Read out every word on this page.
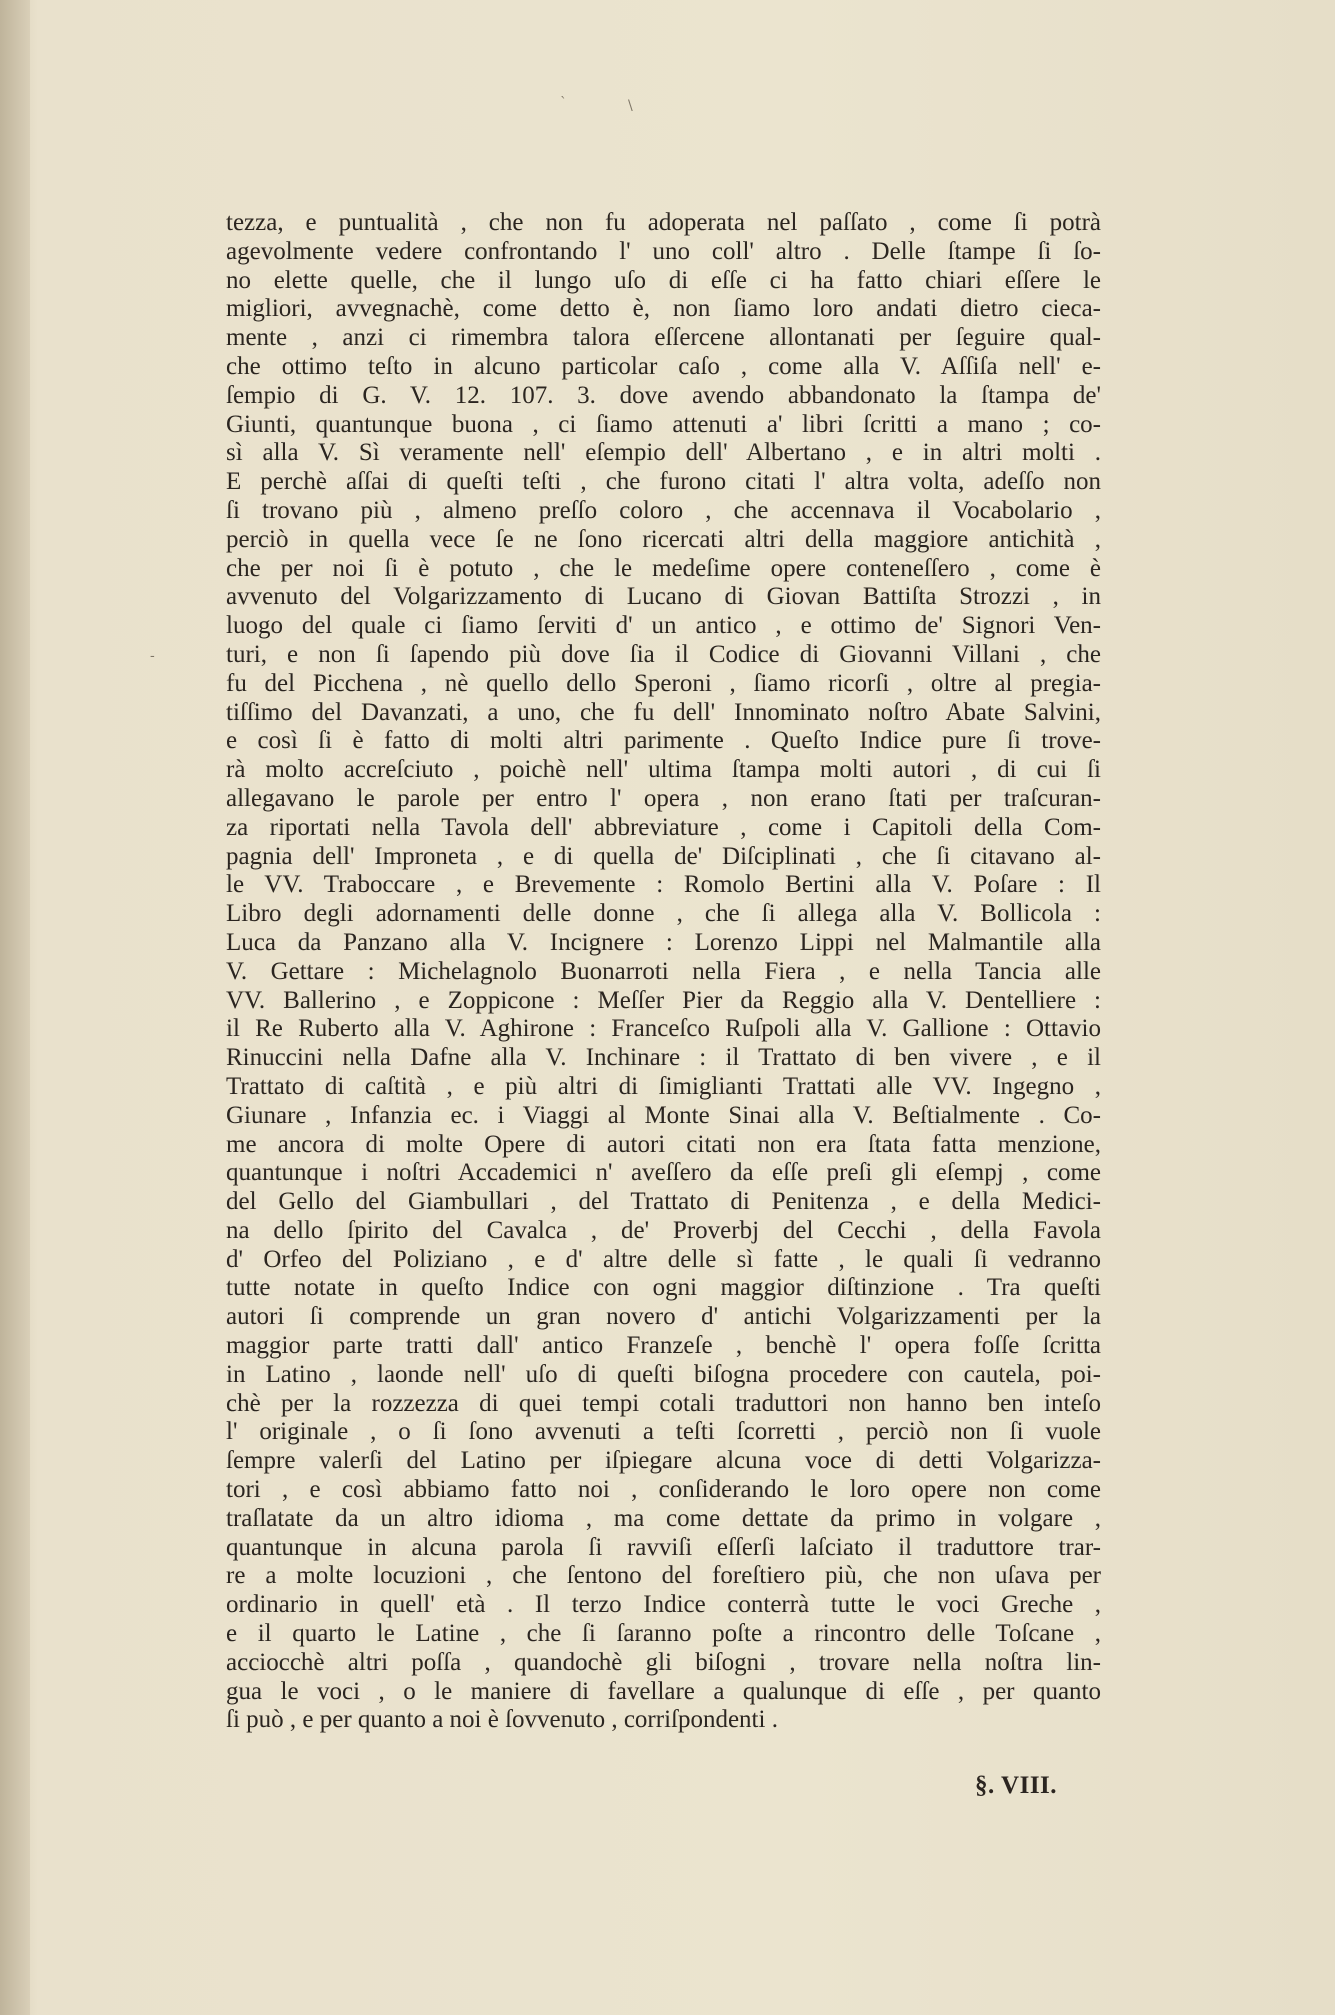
`	\
-
tezza, e puntualità , che non fu adoperata nel paſſato , come ſi potrà
agevolmente vedere confrontando l' uno coll' altro . Delle ſtampe ſi ſo-
no elette quelle, che il lungo uſo di eſſe ci ha fatto chiari eſſere le
migliori, avvegnachè, come detto è, non ſiamo loro andati dietro cieca-
mente , anzi ci rimembra talora eſſercene allontanati per ſeguire qual-
che ottimo teſto in alcuno particolar caſo , come alla V. Aſſiſa nell' e-
ſempio di G. V. 12. 107. 3. dove avendo abbandonato la ſtampa de'
Giunti, quantunque buona , ci ſiamo attenuti a' libri ſcritti a mano ; co-
sì alla V. Sì veramente nell' eſempio dell' Albertano , e in altri molti .
E perchè aſſai di queſti teſti , che furono citati l' altra volta, adeſſo non
ſi trovano più , almeno preſſo coloro , che accennava il Vocabolario ,
perciò in quella vece ſe ne ſono ricercati altri della maggiore antichità ,
che per noi ſi è potuto , che le medeſime opere conteneſſero , come è
avvenuto del Volgarizzamento di Lucano di Giovan Battiſta Strozzi , in
luogo del quale ci ſiamo ſerviti d' un antico , e ottimo de' Signori Ven-
turi, e non ſi ſapendo più dove ſia il Codice di Giovanni Villani , che
fu del Picchena , nè quello dello Speroni , ſiamo ricorſi , oltre al pregia-
tiſſimo del Davanzati, a uno, che fu dell' Innominato noſtro Abate Salvini,
e così ſi è fatto di molti altri parimente . Queſto Indice pure ſi trove-
rà molto accreſciuto , poichè nell' ultima ſtampa molti autori , di cui ſi
allegavano le parole per entro l' opera , non erano ſtati per traſcuran-
za riportati nella Tavola dell' abbreviature , come i Capitoli della Com-
pagnia dell' Improneta , e di quella de' Diſciplinati , che ſi citavano al-
le VV. Traboccare , e Brevemente : Romolo Bertini alla V. Poſare : Il
Libro degli adornamenti delle donne , che ſi allega alla V. Bollicola :
Luca da Panzano alla V. Incignere : Lorenzo Lippi nel Malmantile alla
V. Gettare : Michelagnolo Buonarroti nella Fiera , e nella Tancia alle
VV. Ballerino , e Zoppicone : Meſſer Pier da Reggio alla V. Dentelliere :
il Re Ruberto alla V. Aghirone : Franceſco Ruſpoli alla V. Gallione : Ottavio
Rinuccini nella Dafne alla V. Inchinare : il Trattato di ben vivere , e il
Trattato di caſtità , e più altri di ſimiglianti Trattati alle VV. Ingegno ,
Giunare , Infanzia ec. i Viaggi al Monte Sinai alla V. Beſtialmente . Co-
me ancora di molte Opere di autori citati non era ſtata fatta menzione,
quantunque i noſtri Accademici n' aveſſero da eſſe preſi gli eſempj , come
del Gello del Giambullari , del Trattato di Penitenza , e della Medici-
na dello ſpirito del Cavalca , de' Proverbj del Cecchi , della Favola
d' Orfeo del Poliziano , e d' altre delle sì fatte , le quali ſi vedranno
tutte notate in queſto Indice con ogni maggior diſtinzione . Tra queſti
autori ſi comprende un gran novero d' antichi Volgarizzamenti per la
maggior parte tratti dall' antico Franzeſe , benchè l' opera foſſe ſcritta
in Latino , laonde nell' uſo di queſti biſogna procedere con cautela, poi-
chè per la rozzezza di quei tempi cotali traduttori non hanno ben inteſo
l' originale , o ſi ſono avvenuti a teſti ſcorretti , perciò non ſi vuole
ſempre valerſi del Latino per iſpiegare alcuna voce di detti Volgarizza-
tori , e così abbiamo fatto noi , conſiderando le loro opere non come
traſlatate da un altro idioma , ma come dettate da primo in volgare ,
quantunque in alcuna parola ſi ravviſi eſſerſi laſciato il traduttore trar-
re a molte locuzioni , che ſentono del foreſtiero più, che non uſava per
ordinario in quell' età . Il terzo Indice conterrà tutte le voci Greche ,
e il quarto le Latine , che ſi ſaranno poſte a rincontro delle Toſcane ,
acciocchè altri poſſa , quandochè gli biſogni , trovare nella noſtra lin-
gua le voci , o le maniere di favellare a qualunque di eſſe , per quanto
ſi può , e per quanto a noi è ſovvenuto , corriſpondenti .
§. VIII.
